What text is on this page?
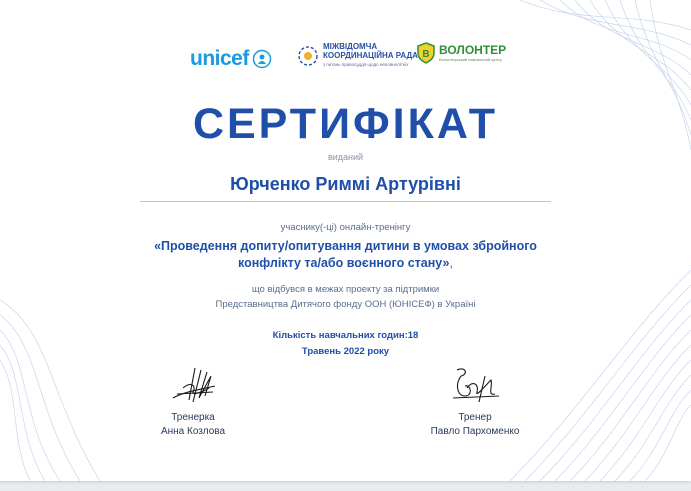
unicef
МІЖВІДОМЧА
КООРДИНАЦІЙНА РАДА
з питань правосуддя щодо неповнолітніх
В ВОЛОНТЕР
Волонтерський навчальний центр
СЕРТИФІКАТ
виданий
Юрченко Риммі Артурівні
учаснику(-ці) онлайн-тренінгу
«Проведення допиту/опитування дитини в умовах збройного конфлікту та/або воєнного стану»,
що відбувся в межах проекту за підтримки
Представництва Дитячого фонду ООН (ЮНІСЕФ) в Україні
Кількість навчальних годин:18
Травень 2022 року
Тренерка
Анна Козлова
Тренер
Павло Пархоменко
